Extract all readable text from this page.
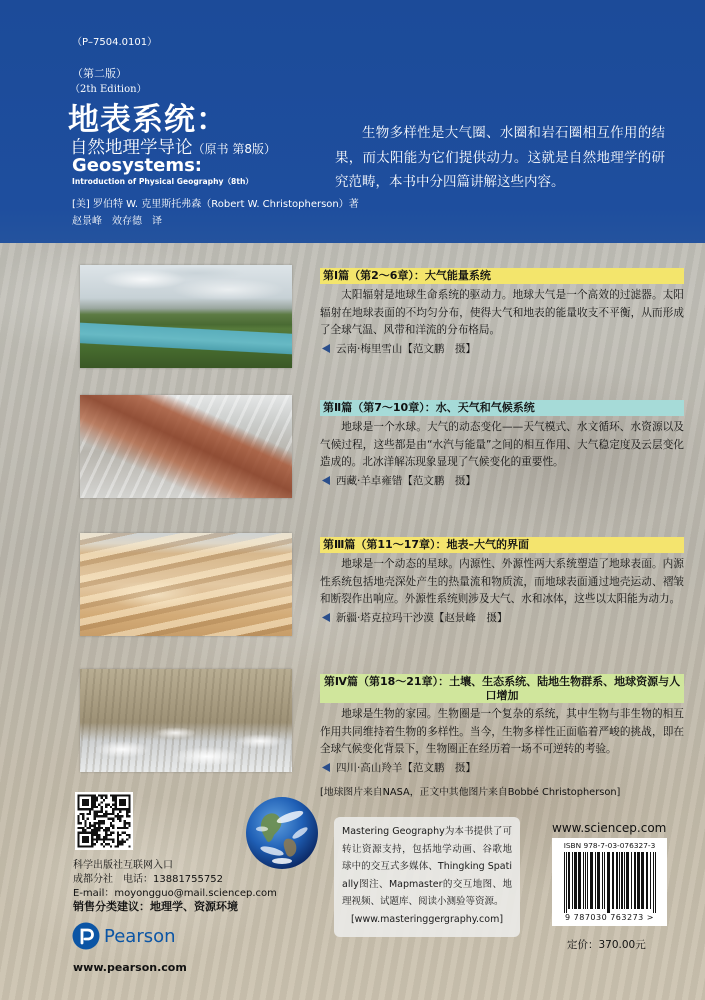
（P–7504.0101）
（第二版）
（2th Edition）
地表系统：
自然地理学导论（原书 第8版）
Geosystems:
Introduction of Physical Geography（8th）
[美] 罗伯特 W. 克里斯托弗森（Robert W. Christopherson）著
赵景峰　效存德　译
生物多样性是大气圈、水圈和岩石圈相互作用的结果，而太阳能为它们提供动力。这就是自然地理学的研究范畴，本书中分四篇讲解这些内容。
第Ⅰ篇（第2～6章）：大气能量系统
太阳辐射是地球生命系统的驱动力。地球大气是一个高效的过滤器。太阳辐射在地球表面的不均匀分布，使得大气和地表的能量收支不平衡，从而形成了全球气温、风带和洋流的分布格局。
云南·梅里雪山【范文鹏　摄】
第Ⅱ篇（第7～10章）：水、天气和气候系统
地球是一个水球。大气的动态变化——天气模式、水文循环、水资源以及气候过程，这些都是由“水汽与能量”之间的相互作用、大气稳定度及云层变化造成的。北冰洋解冻现象显现了气候变化的重要性。
西藏·羊卓雍错【范文鹏　摄】
第Ⅲ篇（第11～17章）：地表–大气的界面
地球是一个动态的星球。内源性、外源性两大系统塑造了地球表面。内源性系统包括地壳深处产生的热量流和物质流，而地球表面通过地壳运动、褶皱和断裂作出响应。外源性系统则涉及大气、水和冰体，这些以太阳能为动力。
新疆·塔克拉玛干沙漠【赵景峰　摄】
第Ⅳ篇（第18～21章）：土壤、生态系统、陆地生物群系、地球资源与人口增加
地球是生物的家园。生物圈是一个复杂的系统，其中生物与非生物的相互作用共同维持着生物的多样性。当今，生物多样性正面临着严峻的挑战，即在全球气候变化背景下，生物圈正在经历着一场不可逆转的考验。
四川·高山羚羊【范文鹏　摄】
[地球图片来自NASA，正文中其他图片来自Bobbé Christopherson]
科学出版社互联网入口
成都分社　电话：13881755752
E-mail：moyongguo@mail.sciencep.com
销售分类建议：地理学、资源环境
Pearson
www.pearson.com
Mastering Geography为本书提供了可转让资源支持，包括地学动画、谷歌地球中的交互式多媒体、Thingking Spatially图注、Mapmaster的交互地图、地理视频、试题库、阅读小测验等资源。
[www.masteringgergraphy.com]
www.sciencep.com
ISBN 978-7-03-076327-3
9 787030 763273 >
定价：370.00元
